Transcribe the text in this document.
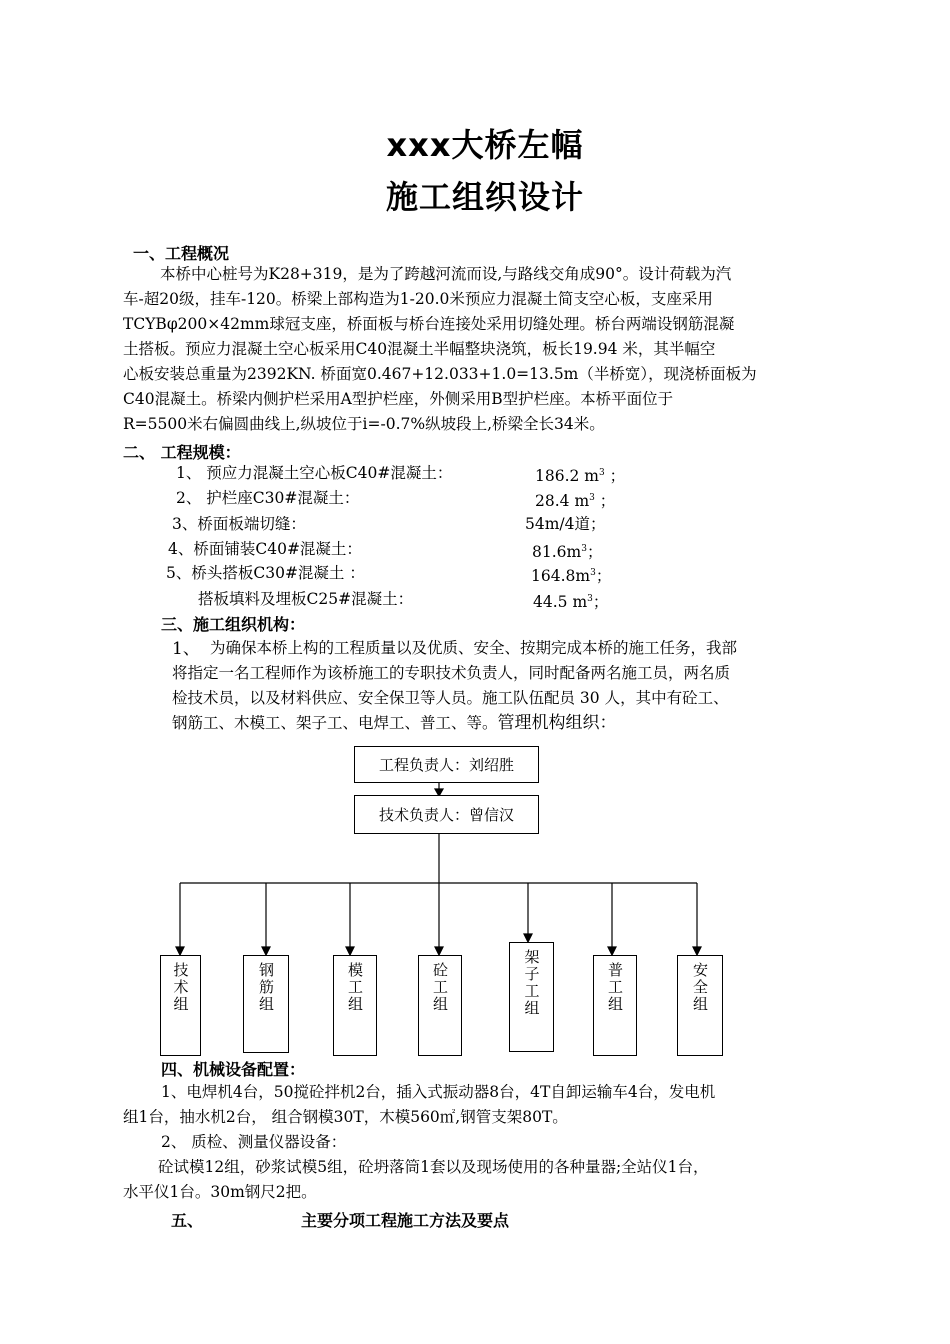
xxx大桥左幅
施工组织设计
一、工程概况
本桥中心桩号为K28+319，是为了跨越河流而设,与路线交角成90°。设计荷载为汽
车-超20级，挂车-120。桥梁上部构造为1-20.0米预应力混凝土简支空心板，支座采用
TCYBφ200×42mm球冠支座，桥面板与桥台连接处采用切缝处理。桥台两端设钢筋混凝
土搭板。预应力混凝土空心板采用C40混凝土半幅整块浇筑，板长19.94 米，其半幅空
心板安装总重量为2392KN. 桥面宽0.467+12.033+1.0=13.5m（半桥宽），现浇桥面板为
C40混凝土。桥梁内侧护栏采用A型护栏座，外侧采用B型护栏座。本桥平面位于
R=5500米右偏圆曲线上,纵坡位于i=-0.7%纵坡段上,桥梁全长34米。
二、 工程规模：
1、 预应力混凝土空心板C40#混凝土：	186.2 $m^3$ ；
2、 护栏座C30#混凝土：	28.4 $m^3$ ；
3、桥面板端切缝：	54m/4道；
4、桥面铺装C40#混凝土：	$81.6m^3$；
5、桥头搭板C30#混凝土 ：	$164.8m^3$；
搭板填料及埋板C25#混凝土：	44.5 $m^3$；
三、施工组织机构：
1、 为确保本桥上构的工程质量以及优质、安全、按期完成本桥的施工任务，我部
将指定一名工程师作为该桥施工的专职技术负责人，同时配备两名施工员，两名质
检技术员，以及材料供应、安全保卫等人员。施工队伍配员 30 人，其中有砼工、
钢筋工、木模工、架子工、电焊工、普工、等。管理机构组织：
工程负责人：刘绍胜
技术负责人：曾信汉
技术组	钢筋组	模工组	砼工组	架子工组	普工组	安全组
四、机械设备配置：
1、电焊机4台，50搅砼拌机2台，插入式振动器8台，4T自卸运输车4台，发电机
组1台，抽水机2台， 组合钢模30T，木模560㎡,钢管支架80T。
2、 质检、测量仪器设备：
砼试模12组，砂浆试模5组，砼坍落筒1套以及现场使用的各种量器;全站仪1台，
水平仪1台。30m钢尺2把。
五、	主要分项工程施工方法及要点
